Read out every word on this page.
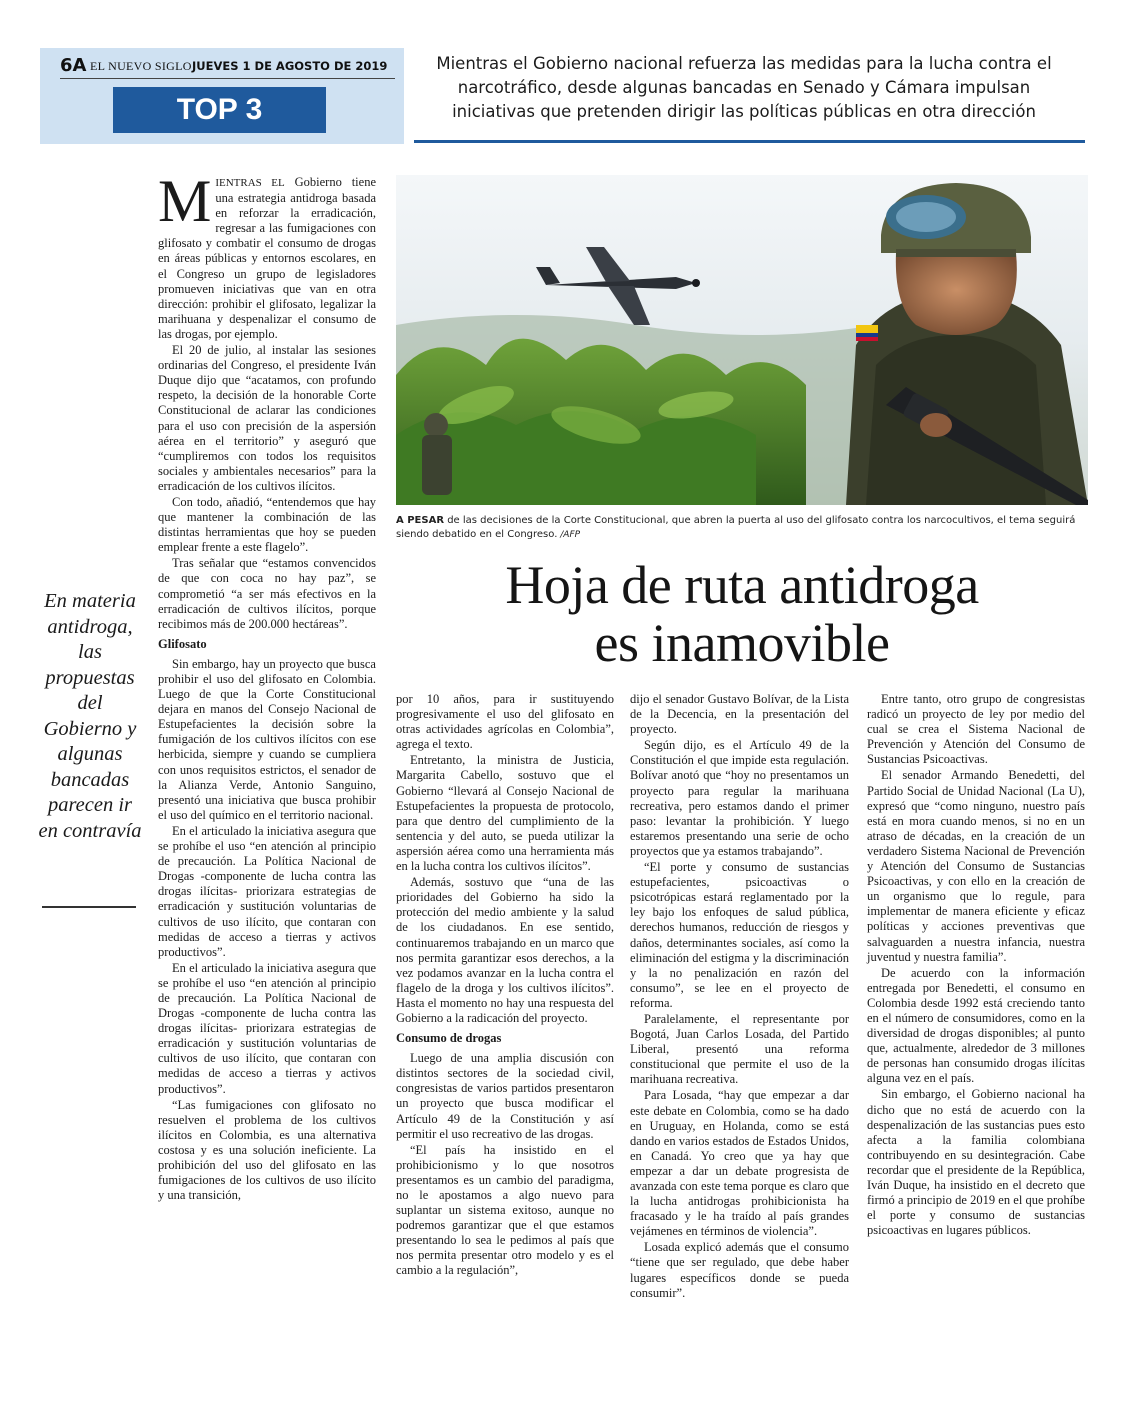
6A EL NUEVO SIGLO JUEVES 1 DE AGOSTO DE 2019
TOP 3
Mientras el Gobierno nacional refuerza las medidas para la lucha contra el narcotráfico, desde algunas bancadas en Senado y Cámara impulsan iniciativas que pretenden dirigir las políticas públicas en otra dirección
A PESAR de las decisiones de la Corte Constitucional, que abren la puerta al uso del glifosato contra los narcocultivos, el tema seguirá siendo debatido en el Congreso. /AFP
Hoja de ruta antidroga
es inamovible
En materia antidroga, las propuestas del Gobierno y algunas bancadas parecen ir en contravía

MIENTRAS EL Gobierno tiene una estrategia antidroga basada en reforzar la erradicación, regresar a las fumigaciones con glifosato y combatir el consumo de drogas en áreas públicas y entornos escolares, en el Congreso un grupo de legisladores promueven iniciativas que van en otra dirección: prohibir el glifosato, legalizar la marihuana y despenalizar el consumo de las drogas, por ejemplo.

El 20 de julio, al instalar las sesiones ordinarias del Congreso, el presidente Iván Duque dijo que “acatamos, con profundo respeto, la decisión de la honorable Corte Constitucional de aclarar las condiciones para el uso con precisión de la aspersión aérea en el territorio” y aseguró que “cumpliremos con todos los requisitos sociales y ambientales necesarios” para la erradicación de los cultivos ilícitos.

Con todo, añadió, “entendemos que hay que mantener la combinación de las distintas herramientas que hoy se pueden emplear frente a este flagelo”.

Tras señalar que “estamos convencidos de que con coca no hay paz”, se comprometió “a ser más efectivos en la erradicación de cultivos ilícitos, porque recibimos más de 200.000 hectáreas”.

Glifosato

Sin embargo, hay un proyecto que busca prohibir el uso del glifosato en Colombia. Luego de que la Corte Constitucional dejara en manos del Consejo Nacional de Estupefacientes la decisión sobre la fumigación de los cultivos ilícitos con ese herbicida, siempre y cuando se cumpliera con unos requisitos estrictos, el senador de la Alianza Verde, Antonio Sanguino, presentó una iniciativa que busca prohibir el uso del químico en el territorio nacional.

En el articulado la iniciativa asegura que se prohíbe el uso “en atención al principio de precaución. La Política Nacional de Drogas -componente de lucha contra las drogas ilícitas- priorizara estrategias de erradicación y sustitución voluntarias de cultivos de uso ilícito, que contaran con medidas de acceso a tierras y activos productivos”.

En el articulado la iniciativa asegura que se prohíbe el uso “en atención al principio de precaución. La Política Nacional de Drogas -componente de lucha contra las drogas ilícitas- priorizara estrategias de erradicación y sustitución voluntarias de cultivos de uso ilícito, que contaran con medidas de acceso a tierras y activos productivos”.

“Las fumigaciones con glifosato no resuelven el problema de los cultivos ilícitos en Colombia, es una alternativa costosa y es una solución ineficiente. La prohibición del uso del glifosato en las fumigaciones de los cultivos de uso ilícito y una transición,

por 10 años, para ir sustituyendo progresivamente el uso del glifosato en otras actividades agrícolas en Colombia”, agrega el texto.

Entretanto, la ministra de Justicia, Margarita Cabello, sostuvo que el Gobierno “llevará al Consejo Nacional de Estupefacientes la propuesta de protocolo, para que dentro del cumplimiento de la sentencia y del auto, se pueda utilizar la aspersión aérea como una herramienta más en la lucha contra los cultivos ilícitos”.

Además, sostuvo que “una de las prioridades del Gobierno ha sido la protección del medio ambiente y la salud de los ciudadanos. En ese sentido, continuaremos trabajando en un marco que nos permita garantizar esos derechos, a la vez podamos avanzar en la lucha contra el flagelo de la droga y los cultivos ilícitos”. Hasta el momento no hay una respuesta del Gobierno a la radicación del proyecto.

Consumo de drogas

Luego de una amplia discusión con distintos sectores de la sociedad civil, congresistas de varios partidos presentaron un proyecto que busca modificar el Artículo 49 de la Constitución y así permitir el uso recreativo de las drogas.

“El país ha insistido en el prohibicionismo y lo que nosotros presentamos es un cambio del paradigma, no le apostamos a algo nuevo para suplantar un sistema exitoso, aunque no podremos garantizar que el que estamos presentando lo sea le pedimos al país que nos permita presentar otro modelo y es el cambio a la regulación”,

dijo el senador Gustavo Bolívar, de la Lista de la Decencia, en la presentación del proyecto.

Según dijo, es el Artículo 49 de la Constitución el que impide esta regulación. Bolívar anotó que “hoy no presentamos un proyecto para regular la marihuana recreativa, pero estamos dando el primer paso: levantar la prohibición. Y luego estaremos presentando una serie de ocho proyectos que ya estamos trabajando”.

“El porte y consumo de sustancias estupefacientes, psicoactivas o psicotrópicas estará reglamentado por la ley bajo los enfoques de salud pública, derechos humanos, reducción de riesgos y daños, determinantes sociales, así como la eliminación del estigma y la discriminación y la no penalización en razón del consumo”, se lee en el proyecto de reforma.

Paralelamente, el representante por Bogotá, Juan Carlos Losada, del Partido Liberal, presentó una reforma constitucional que permite el uso de la marihuana recreativa.

Para Losada, “hay que empezar a dar este debate en Colombia, como se ha dado en Uruguay, en Holanda, como se está dando en varios estados de Estados Unidos, en Canadá. Yo creo que ya hay que empezar a dar un debate progresista de avanzada con este tema porque es claro que la lucha antidrogas prohibicionista ha fracasado y le ha traído al país grandes vejámenes en términos de violencia”.

Losada explicó además que el consumo “tiene que ser regulado, que debe haber lugares específicos donde se pueda consumir”.

Entre tanto, otro grupo de congresistas radicó un proyecto de ley por medio del cual se crea el Sistema Nacional de Prevención y Atención del Consumo de Sustancias Psicoactivas.

El senador Armando Benedetti, del Partido Social de Unidad Nacional (La U), expresó que “como ninguno, nuestro país está en mora cuando menos, si no en un atraso de décadas, en la creación de un verdadero Sistema Nacional de Prevención y Atención del Consumo de Sustancias Psicoactivas, y con ello en la creación de un organismo que lo regule, para implementar de manera eficiente y eficaz políticas y acciones preventivas que salvaguarden a nuestra infancia, nuestra juventud y nuestra familia”.

De acuerdo con la información entregada por Benedetti, el consumo en Colombia desde 1992 está creciendo tanto en el número de consumidores, como en la diversidad de drogas disponibles; al punto que, actualmente, alrededor de 3 millones de personas han consumido drogas ilícitas alguna vez en el país.

Sin embargo, el Gobierno nacional ha dicho que no está de acuerdo con la despenalización de las sustancias pues esto afecta a la familia colombiana contribuyendo en su desintegración. Cabe recordar que el presidente de la República, Iván Duque, ha insistido en el decreto que firmó a principio de 2019 en el que prohíbe el porte y consumo de sustancias psicoactivas en lugares públicos.
